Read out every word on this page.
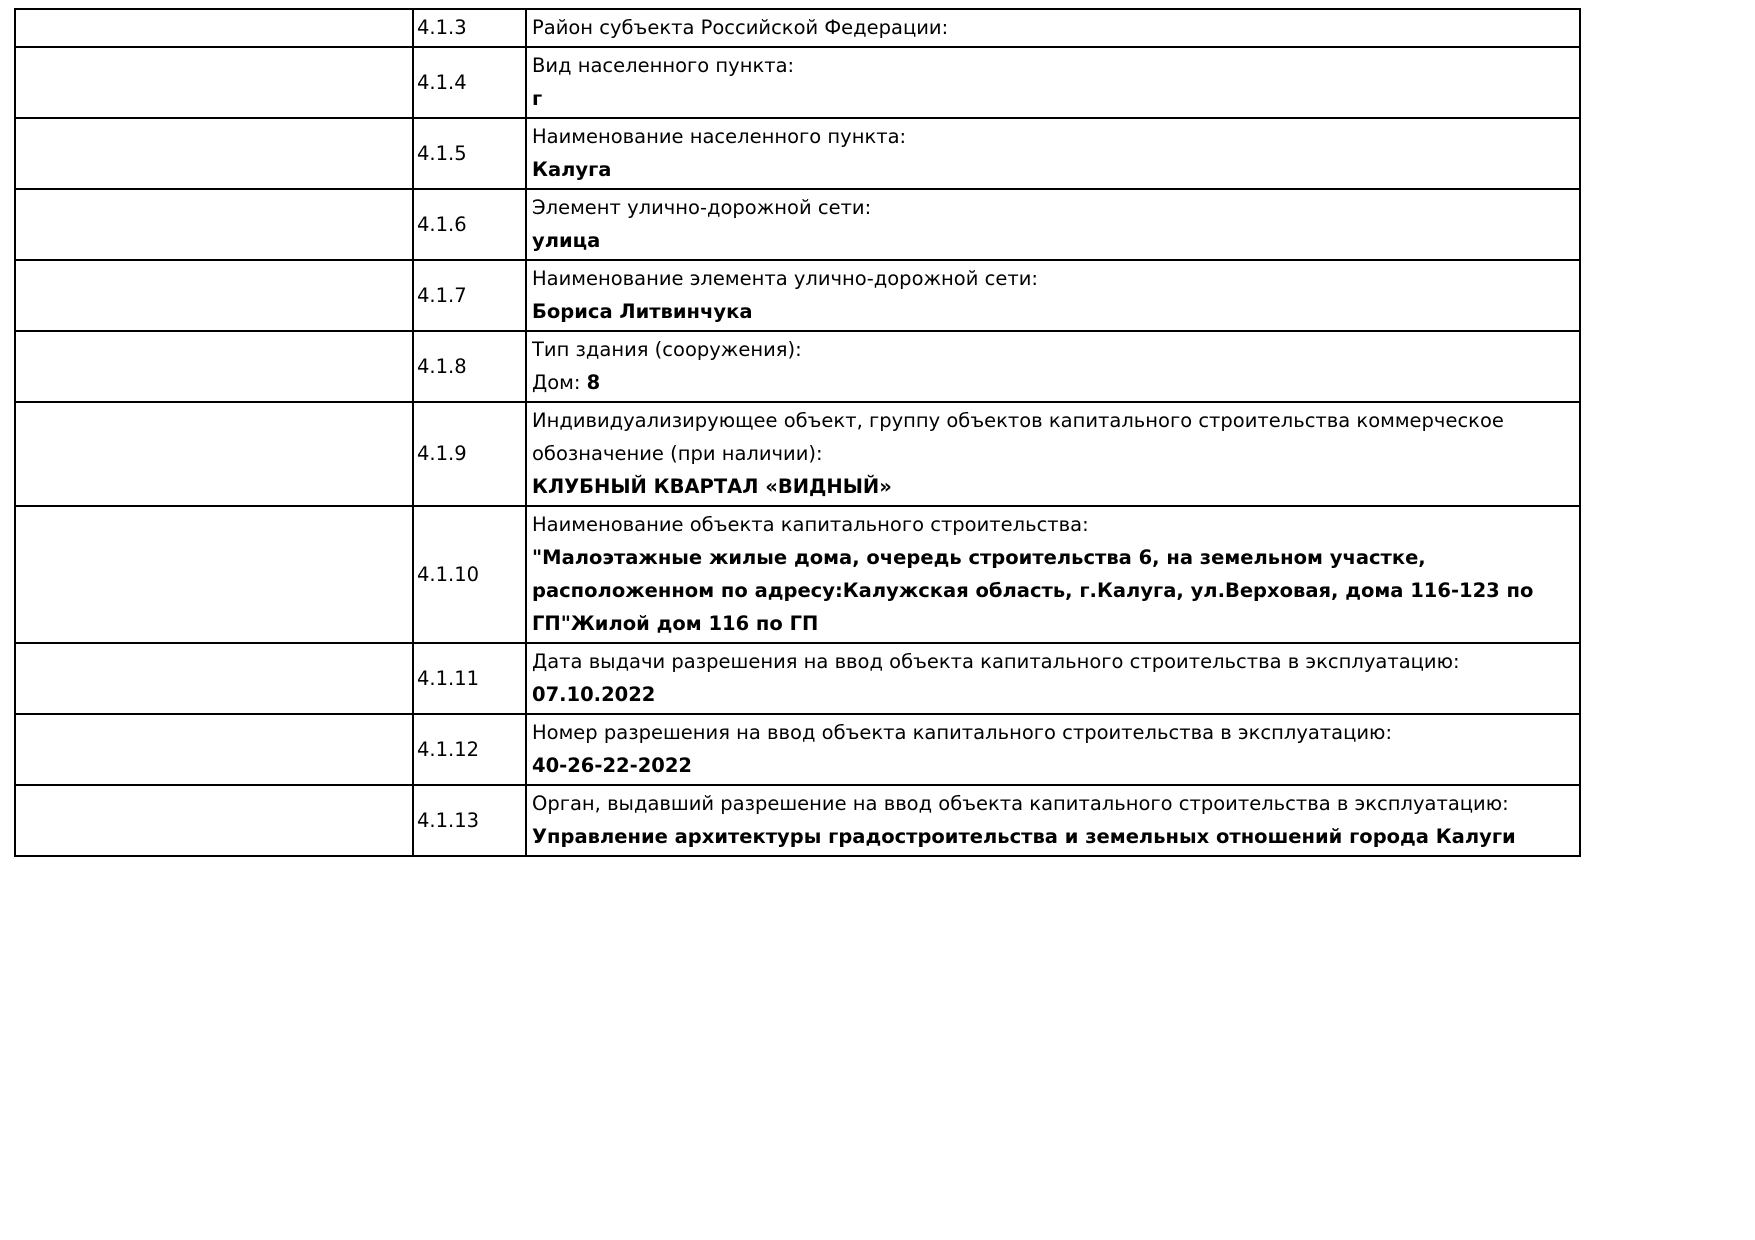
	4.1.3	Район субъекта Российской Федерации:

	4.1.4	Вид населенного пункта:
г

	4.1.5	Наименование населенного пункта:
Калуга

	4.1.6	Элемент улично-дорожной сети:
улица

	4.1.7	Наименование элемента улично-дорожной сети:
Бориса Литвинчука

	4.1.8	Тип здания (сооружения):
Дом: 8

	4.1.9	Индивидуализирующее объект, группу объектов капитального строительства коммерческое обозначение (при наличии):
КЛУБНЫЙ КВАРТАЛ «ВИДНЫЙ»

	4.1.10	Наименование объекта капитального строительства:
"Малоэтажные жилые дома, очередь строительства 6, на земельном участке, расположенном по адресу:Калужская область, г.Калуга, ул.Верховая, дома 116-123 по ГП"Жилой дом 116 по ГП

	4.1.11	Дата выдачи разрешения на ввод объекта капитального строительства в эксплуатацию:
07.10.2022

	4.1.12	Номер разрешения на ввод объекта капитального строительства в эксплуатацию:
40-26-22-2022

	4.1.13	Орган, выдавший разрешение на ввод объекта капитального строительства в эксплуатацию:
Управление архитектуры градостроительства и земельных отношений города Калуги
